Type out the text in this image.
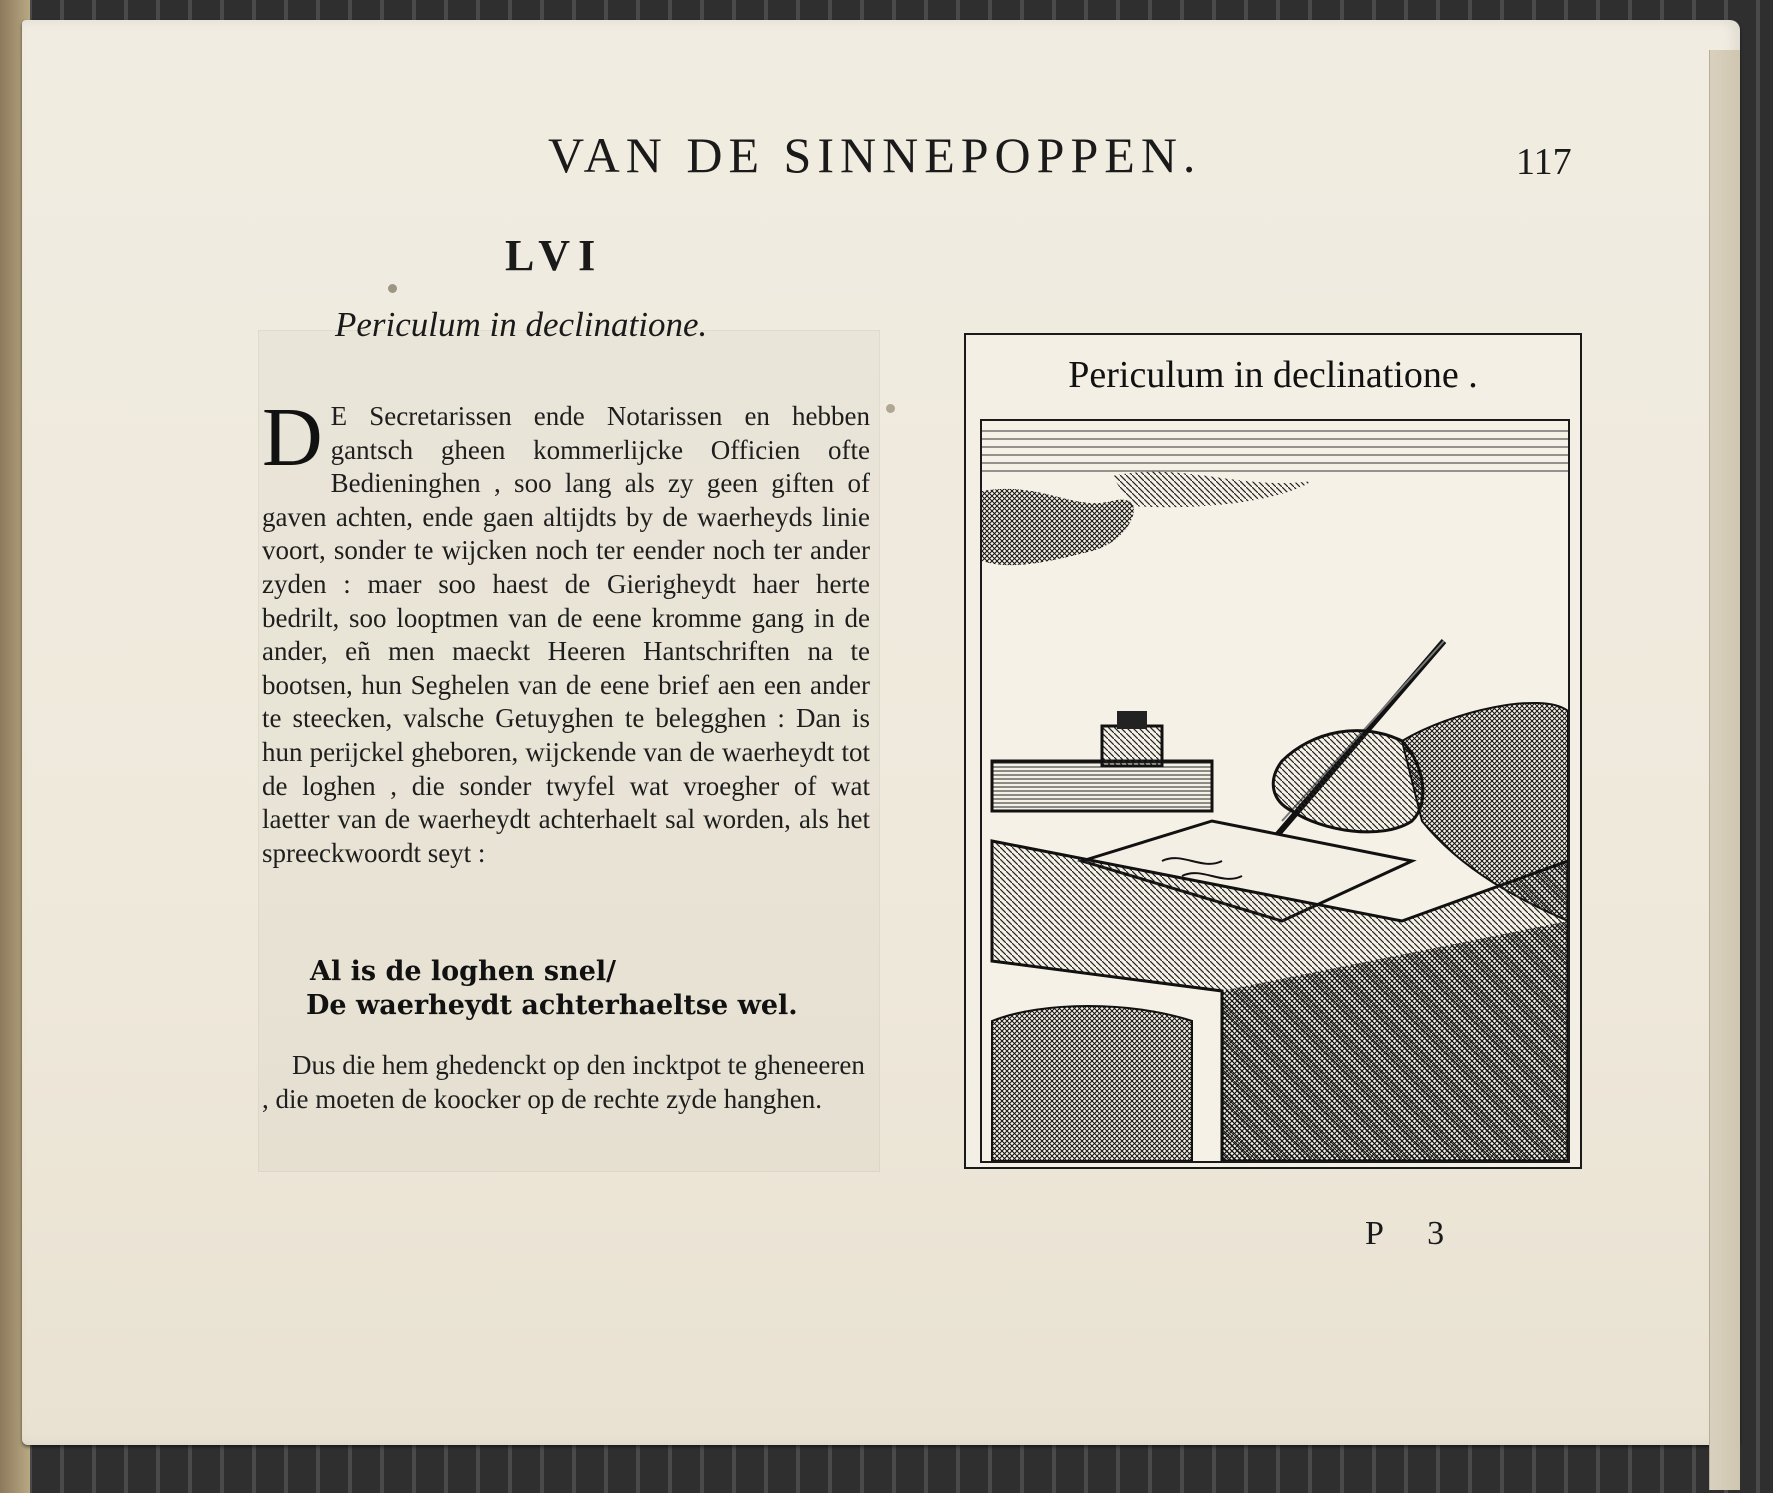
VAN DE SINNEPOPPEN.	117
LVI
Periculum in declinatione.
D E Secretarissen ende Notarissen en hebben gantsch gheen kommerlijcke Officien ofte Bedieninghen , soo lang als zy geen giften of gaven achten, ende gaen altijdts by de waerheyds linie voort, sonder te wijcken noch ter eender noch ter ander zyden : maer soo haest de Gierigheydt haer herte bedrilt, soo looptmen van de eene kromme gang in de ander, eñ men maeckt Heeren Hantschriften na te bootsen, hun Seghelen van de eene brief aen een ander te steecken, valsche Getuyghen te belegghen : Dan is hun perijckel gheboren, wijckende van de waerheydt tot de loghen , die sonder twyfel wat vroegher of wat laetter van de waerheydt achterhaelt sal worden, als het spreeckwoordt seyt :
Al is de loghen snel/
De waerheydt achterhaeltse wel.
Dus die hem ghedenckt op den incktpot te gheneeren , die moeten de koocker op de rechte zyde hanghen.
Periculum in declinatione .
P 3
